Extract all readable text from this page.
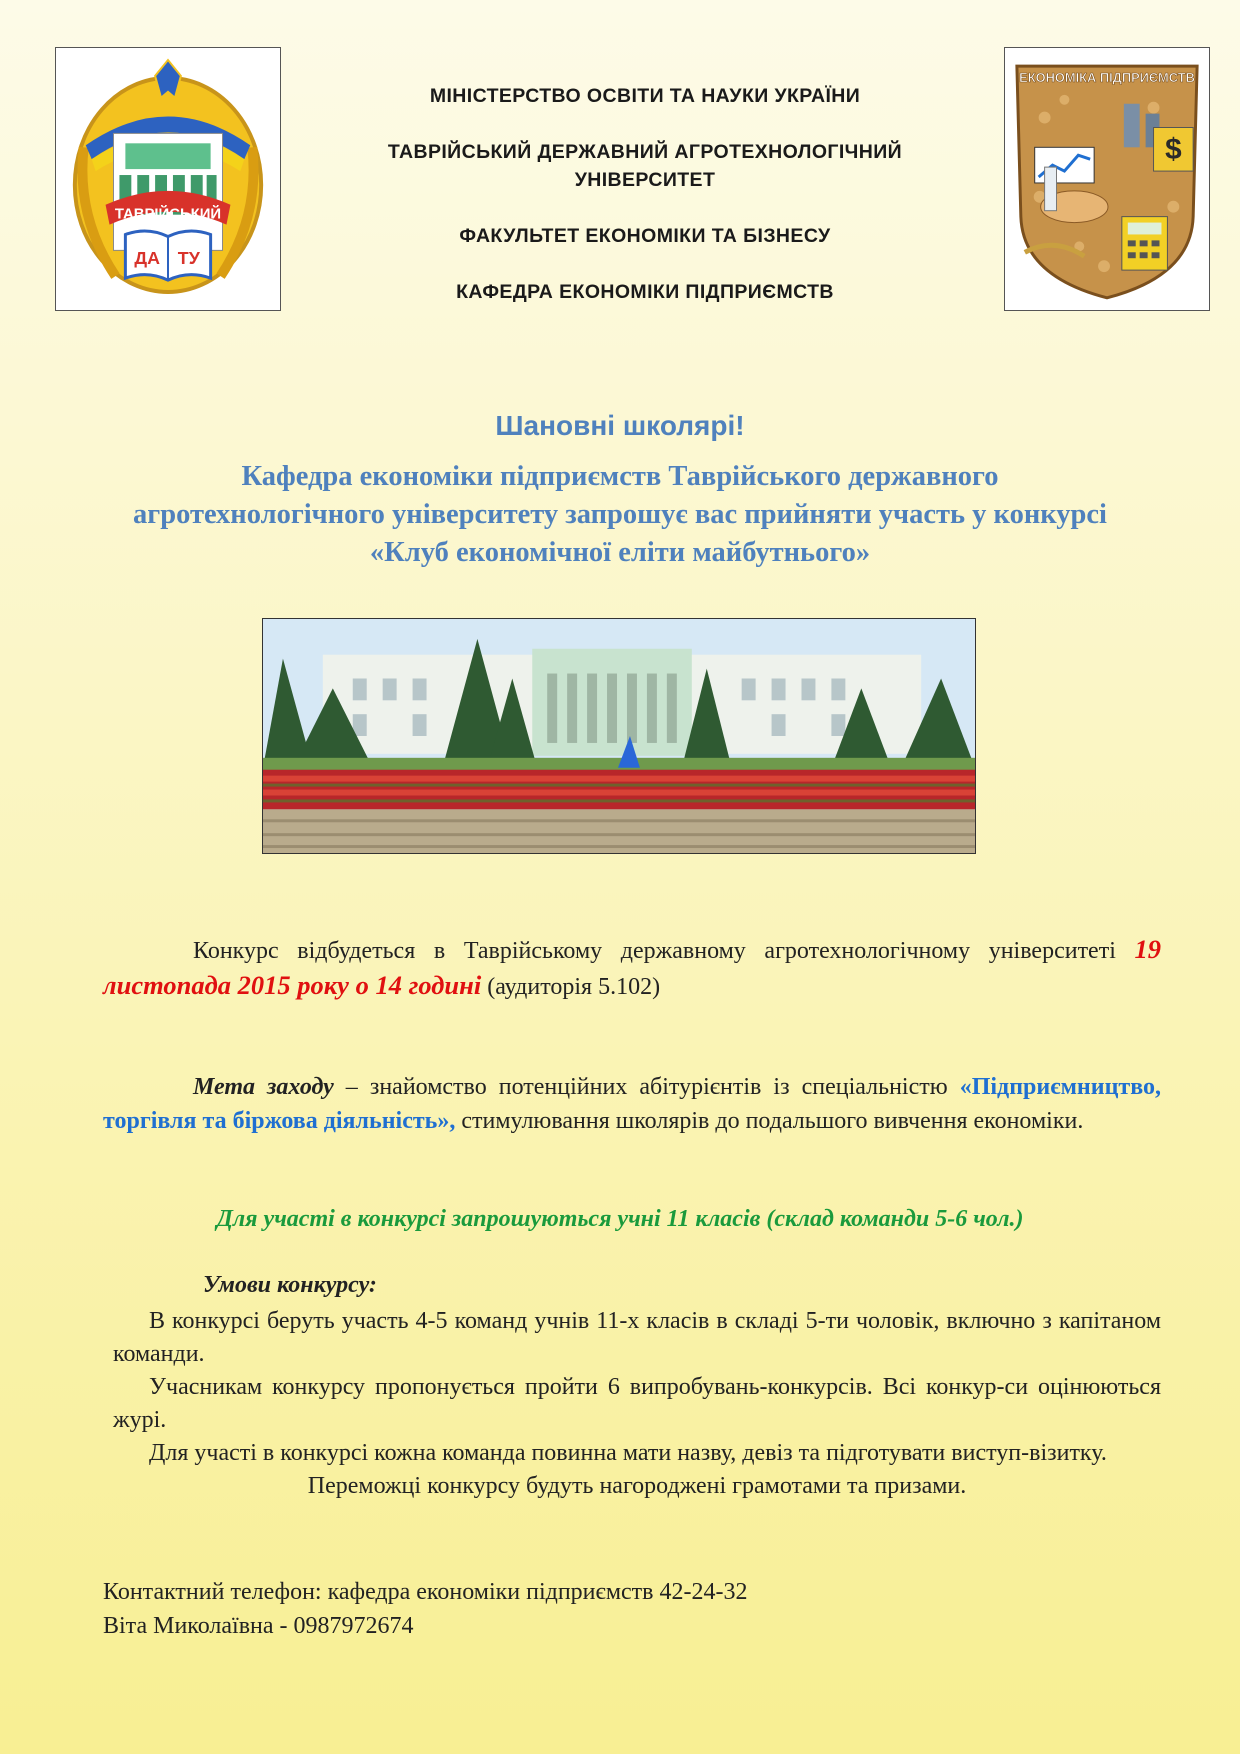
ТАВРІЙСЬКИЙ
ДА ТУ
ЕКОНОМІКА ПІДПРИЄМСТВ
$
МІНІСТЕРСТВО ОСВІТИ ТА НАУКИ УКРАЇНИ
ТАВРІЙСЬКИЙ ДЕРЖАВНИЙ АГРОТЕХНОЛОГІЧНИЙ
УНІВЕРСИТЕТ
ФАКУЛЬТЕТ ЕКОНОМІКИ ТА БІЗНЕСУ
КАФЕДРА ЕКОНОМІКИ ПІДПРИЄМСТВ
Шановні школярі!
Кафедра економіки підприємств Таврійського державного агротехнологічного університету запрошує вас прийняти участь у конкурсі «Клуб економічної еліти майбутнього»
Конкурс відбудеться в Таврійському державному агротехнологічному університеті 19 листопада 2015 року о 14 годині (аудиторія 5.102)
Мета заходу – знайомство потенційних абітурієнтів із спеціальністю «Підприємництво, торгівля та біржова діяльність», стимулювання школярів до подальшого вивчення економіки.
Для участі в конкурсі запрошуються учні 11 класів (склад команди 5-6 чол.)
Умови конкурсу:

В конкурсі беруть участь 4-5 команд учнів 11-х класів в складі 5-ти чоловік, включно з капітаном команди.

Учасникам конкурсу пропонується пройти 6 випробувань-конкурсів. Всі конкур-си оцінюються журі.

Для участі в конкурсі кожна команда повинна мати назву, девіз та підготувати виступ-візитку.

Переможці конкурсу будуть нагороджені грамотами та призами.

Контактний телефон: кафедра економіки підприємств 42-24-32
Віта Миколаївна - 0987972674
